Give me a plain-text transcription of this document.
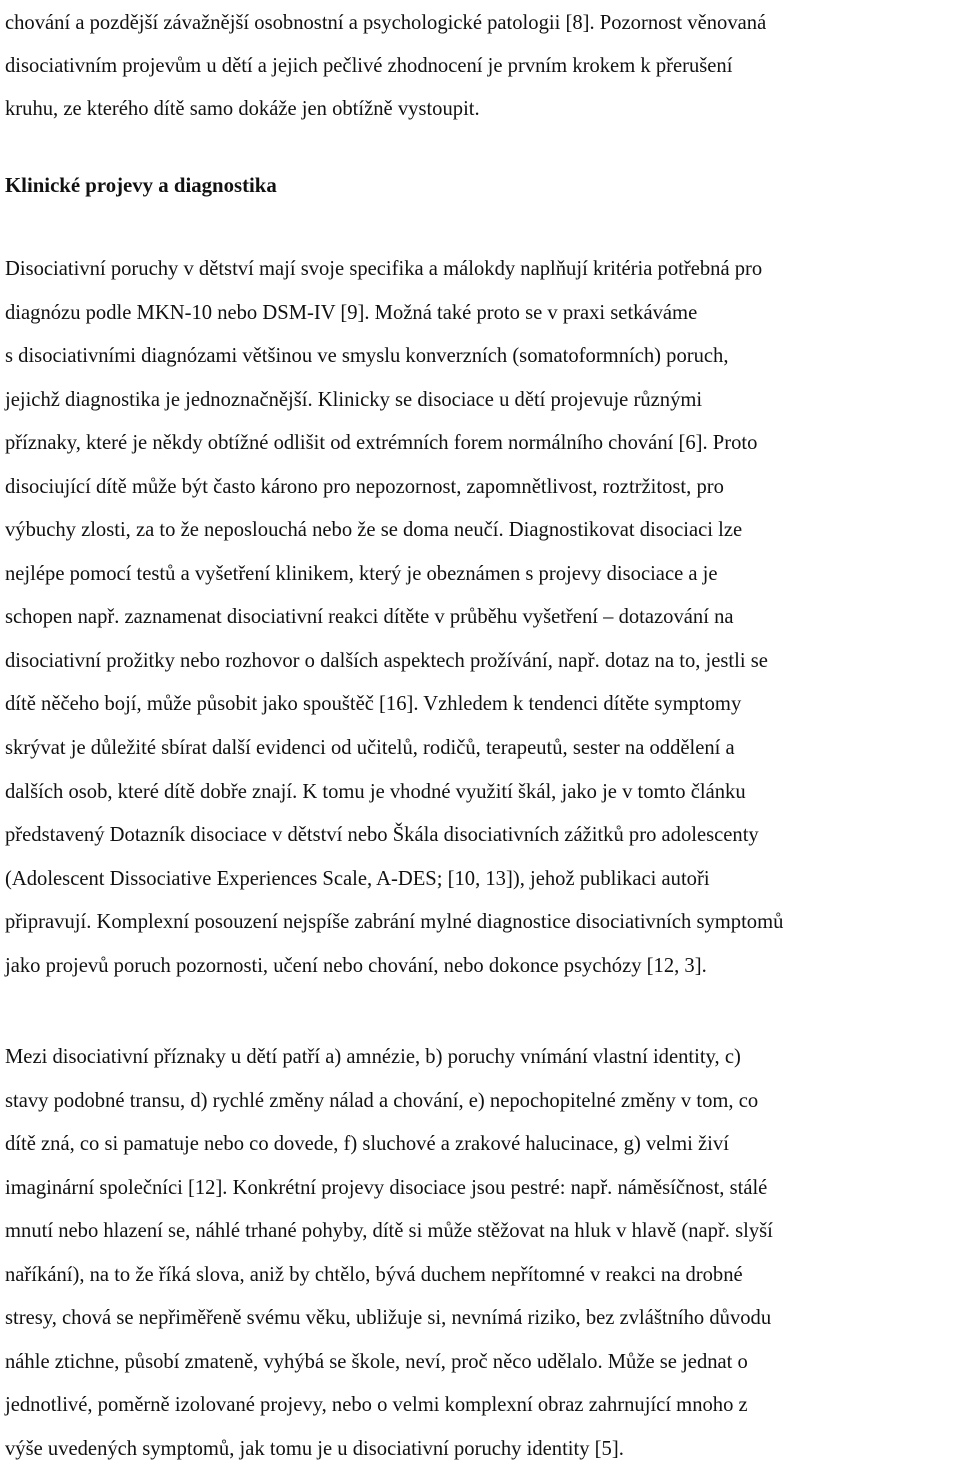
chování a pozdější závažnější osobnostní a psychologické patologii [8]. Pozornost věnovaná
disociativním projevům u dětí a jejich pečlivé zhodnocení je prvním krokem k přerušení
kruhu, ze kterého dítě samo dokáže jen obtížně vystoupit.

Klinické projevy a diagnostika

Disociativní poruchy v dětství mají svoje specifika a málokdy naplňují kritéria potřebná pro
diagnózu podle MKN-10 nebo DSM-IV [9]. Možná také proto se v praxi setkáváme
s disociativními diagnózami většinou ve smyslu konverzních (somatoformních) poruch,
jejichž diagnostika je jednoznačnější. Klinicky se disociace u dětí projevuje různými
příznaky, které je někdy obtížné odlišit od extrémních forem normálního chování [6]. Proto
disociující dítě může být často károno pro nepozornost, zapomnětlivost, roztržitost, pro
výbuchy zlosti, za to že neposlouchá nebo že se doma neučí. Diagnostikovat disociaci lze
nejlépe pomocí testů a vyšetření klinikem, který je obeznámen s projevy disociace a je
schopen např. zaznamenat disociativní reakci dítěte v průběhu vyšetření – dotazování na
disociativní prožitky nebo rozhovor o dalších aspektech prožívání, např. dotaz na to, jestli se
dítě něčeho bojí, může působit jako spouštěč [16]. Vzhledem k tendenci dítěte symptomy
skrývat je důležité sbírat další evidenci od učitelů, rodičů, terapeutů, sester na oddělení a
dalších osob, které dítě dobře znají. K tomu je vhodné využití škál, jako je v tomto článku
představený Dotazník disociace v dětství nebo Škála disociativních zážitků pro adolescenty
(Adolescent Dissociative Experiences Scale, A-DES; [10, 13]), jehož publikaci autoři
připravují. Komplexní posouzení nejspíše zabrání mylné diagnostice disociativních symptomů
jako projevů poruch pozornosti, učení nebo chování, nebo dokonce psychózy [12, 3].

Mezi disociativní příznaky u dětí patří a) amnézie, b) poruchy vnímání vlastní identity, c)
stavy podobné transu, d) rychlé změny nálad a chování, e) nepochopitelné změny v tom, co
dítě zná, co si pamatuje nebo co dovede, f) sluchové a zrakové halucinace, g) velmi živí
imaginární společníci [12]. Konkrétní projevy disociace jsou pestré: např. náměsíčnost, stálé
mnutí nebo hlazení se, náhlé trhané pohyby, dítě si může stěžovat na hluk v hlavě (např. slyší
naříkání), na to že říká slova, aniž by chtělo, bývá duchem nepřítomné v reakci na drobné
stresy, chová se nepřiměřeně svému věku, ubližuje si, nevnímá riziko, bez zvláštního důvodu
náhle ztichne, působí zmateně, vyhýbá se škole, neví, proč něco udělalo. Může se jednat o
jednotlivé, poměrně izolované projevy, nebo o velmi komplexní obraz zahrnující mnoho z
výše uvedených symptomů, jak tomu je u disociativní poruchy identity [5].
